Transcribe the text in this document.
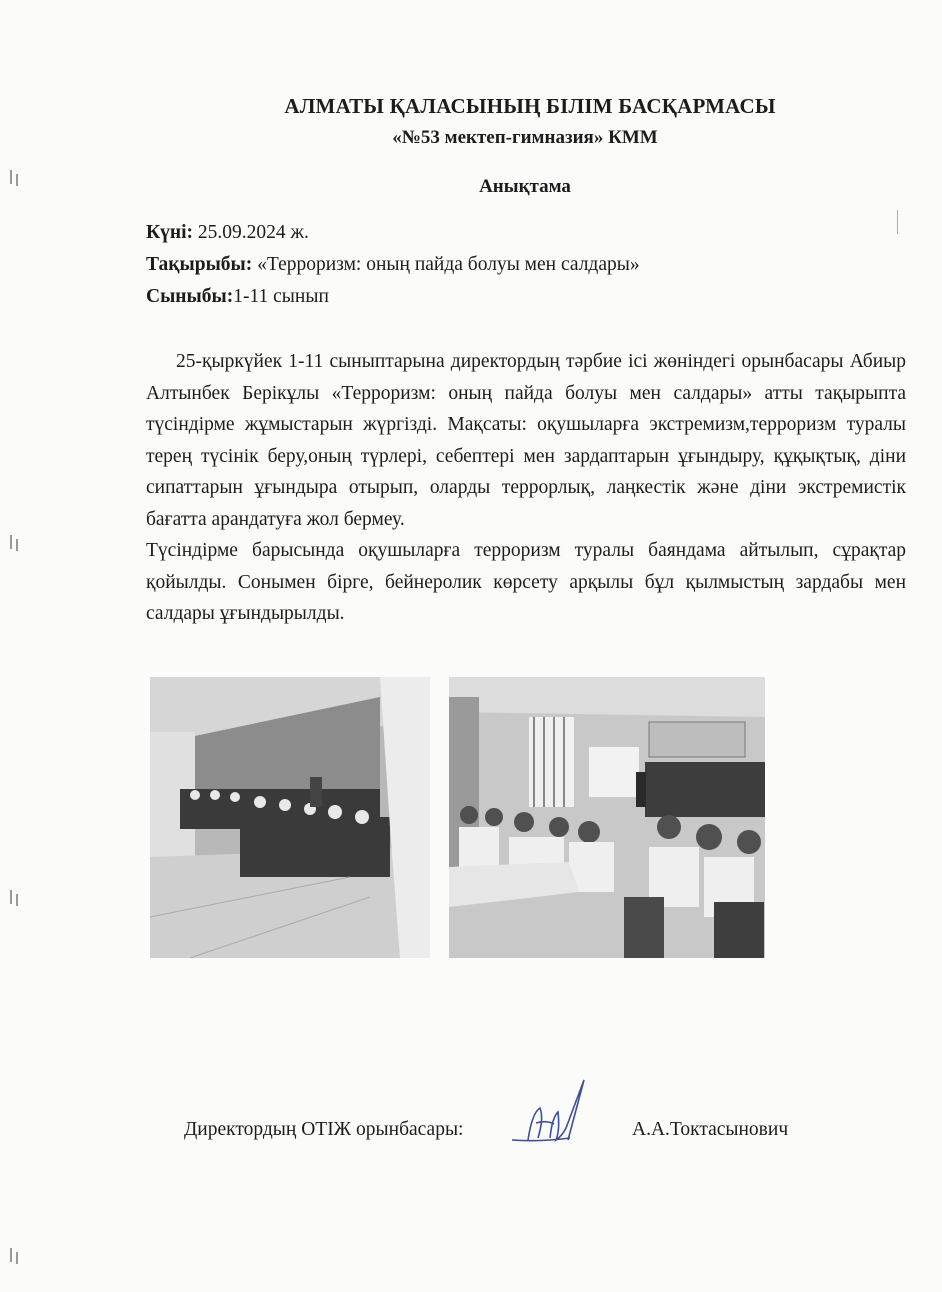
АЛМАТЫ ҚАЛАСЫНЫҢ БІЛІМ БАСҚАРМАСЫ
«№53 мектеп-гимназия» КММ
Анықтама
Күні: 25.09.2024 ж.
Тақырыбы: «Терроризм: оның пайда болуы мен салдары»
Сыныбы:1-11 сынып

25-қыркүйек 1-11 сыныптарына директордың тәрбие ісі жөніндегі орынбасары Абиыр Алтынбек Берікұлы «Терроризм: оның пайда болуы мен салдары» атты тақырыпта түсіндірме жұмыстарын жүргізді. Мақсаты: оқушыларға экстремизм,терроризм туралы терең түсінік беру,оның түрлері, себептері мен зардаптарын ұғындыру, құқықтық, діни сипаттарын ұғындыра отырып, оларды террорлық, лаңкестік және діни экстремистік бағатта арандатуға жол бермеу.

Түсіндірме барысында оқушыларға терроризм туралы баяндама айтылып, сұрақтар қойылды. Сонымен бірге, бейнеролик көрсету арқылы бұл қылмыстың зардабы мен салдары ұғындырылды.

Директордың ОТІЖ орынбасары:	А.А.Токтасынович
